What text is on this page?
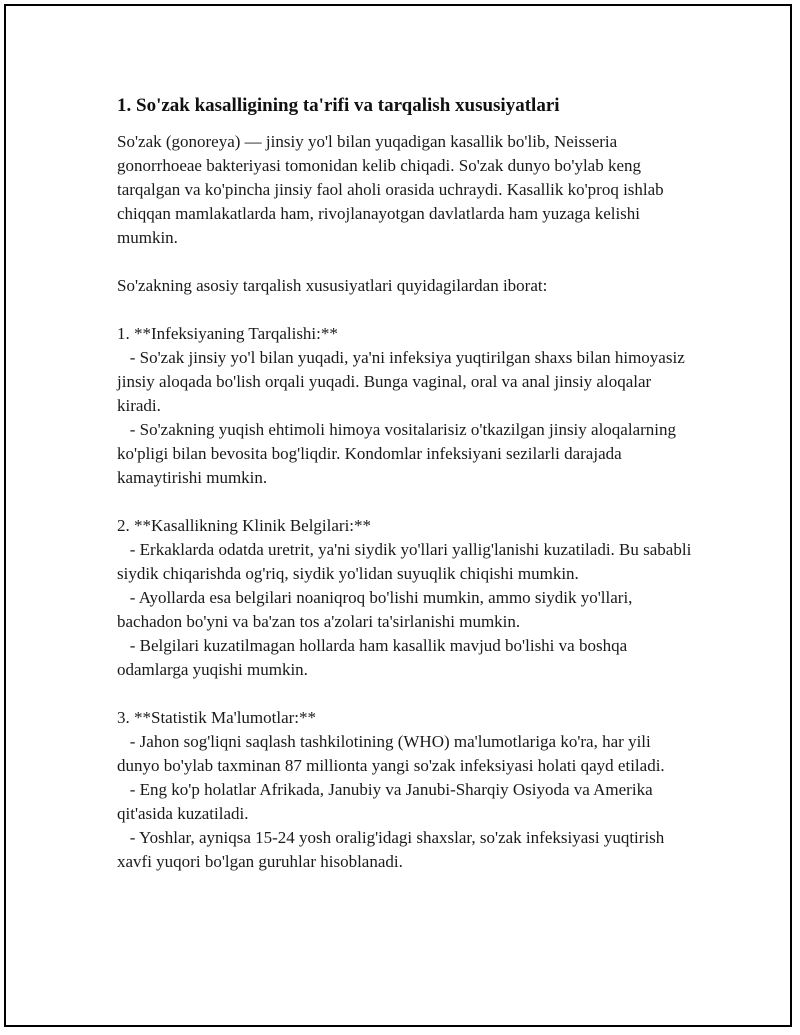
1. So'zak kasalligining ta'rifi va tarqalish xususiyatlari

So'zak (gonoreya) — jinsiy yo'l bilan yuqadigan kasallik bo'lib, Neisseria gonorrhoeae bakteriyasi tomonidan kelib chiqadi. So'zak dunyo bo'ylab keng tarqalgan va ko'pincha jinsiy faol aholi orasida uchraydi. Kasallik ko'proq ishlab chiqqan mamlakatlarda ham, rivojlanayotgan davlatlarda ham yuzaga kelishi mumkin.

So'zakning asosiy tarqalish xususiyatlari quyidagilardan iborat:

1. **Infeksiyaning Tarqalishi:**

- So'zak jinsiy yo'l bilan yuqadi, ya'ni infeksiya yuqtirilgan shaxs bilan himoyasiz jinsiy aloqada bo'lish orqali yuqadi. Bunga vaginal, oral va anal jinsiy aloqalar kiradi.

- So'zakning yuqish ehtimoli himoya vositalarisiz o'tkazilgan jinsiy aloqalarning ko'pligi bilan bevosita bog'liqdir. Kondomlar infeksiyani sezilarli darajada kamaytirishi mumkin.

2. **Kasallikning Klinik Belgilari:**

- Erkaklarda odatda uretrit, ya'ni siydik yo'llari yallig'lanishi kuzatiladi. Bu sababli siydik chiqarishda og'riq, siydik yo'lidan suyuqlik chiqishi mumkin.

- Ayollarda esa belgilari noaniqroq bo'lishi mumkin, ammo siydik yo'llari, bachadon bo'yni va ba'zan tos a'zolari ta'sirlanishi mumkin.

- Belgilari kuzatilmagan hollarda ham kasallik mavjud bo'lishi va boshqa odamlarga yuqishi mumkin.

3. **Statistik Ma'lumotlar:**

- Jahon sog'liqni saqlash tashkilotining (WHO) ma'lumotlariga ko'ra, har yili dunyo bo'ylab taxminan 87 millionta yangi so'zak infeksiyasi holati qayd etiladi.

- Eng ko'p holatlar Afrikada, Janubiy va Janubi-Sharqiy Osiyoda va Amerika qit'asida kuzatiladi.

- Yoshlar, ayniqsa 15-24 yosh oralig'idagi shaxslar, so'zak infeksiyasi yuqtirish xavfi yuqori bo'lgan guruhlar hisoblanadi.
